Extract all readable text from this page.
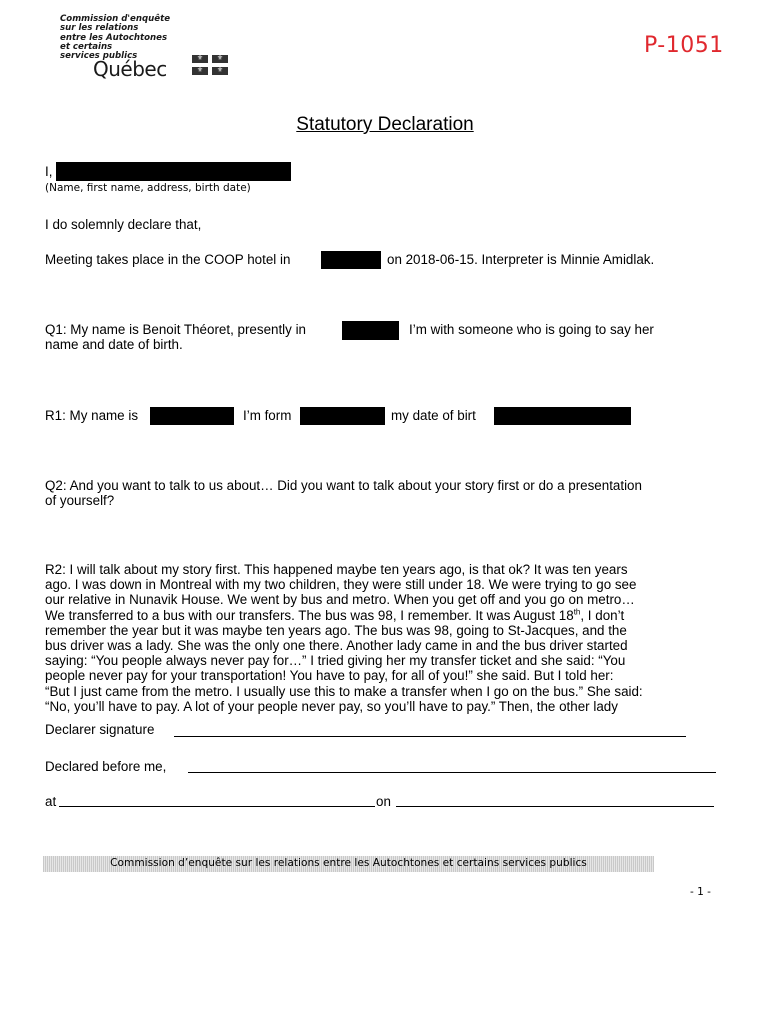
Commission d'enquête
sur les relations
entre les Autochtones
et certains
services publics
Québec	⚜	⚜
⚜	⚜
P-1051
Statutory Declaration
I,
(Name, first name, address, birth date)
I do solemnly declare that,
Meeting takes place in the COOP hotel in	on 2018-06-15. Interpreter is Minnie Amidlak.
Q1: My name is Benoit Théoret, presently in	I’m with someone who is going to say her
name and date of birth.
R1: My name is	I’m form	my date of birt
Q2: And you want to talk to us about… Did you want to talk about your story first or do a presentation
of yourself?
R2: I will talk about my story first. This happened maybe ten years ago, is that ok? It was ten years
ago. I was down in Montreal with my two children, they were still under 18. We were trying to go see
our relative in Nunavik House. We went by bus and metro. When you get off and you go on metro…
We transferred to a bus with our transfers. The bus was 98, I remember. It was August 18th, I don’t
remember the year but it was maybe ten years ago. The bus was 98, going to St-Jacques, and the
bus driver was a lady. She was the only one there. Another lady came in and the bus driver started
saying: “You people always never pay for…” I tried giving her my transfer ticket and she said: “You
people never pay for your transportation! You have to pay, for all of you!” she said. But I told her:
“But I just came from the metro. I usually use this to make a transfer when I go on the bus.” She said:
“No, you’ll have to pay. A lot of your people never pay, so you’ll have to pay.” Then, the other lady
Declarer signature
Declared before me,
at	on
Commission d’enquête sur les relations entre les Autochtones et certains services publics
- 1 -
